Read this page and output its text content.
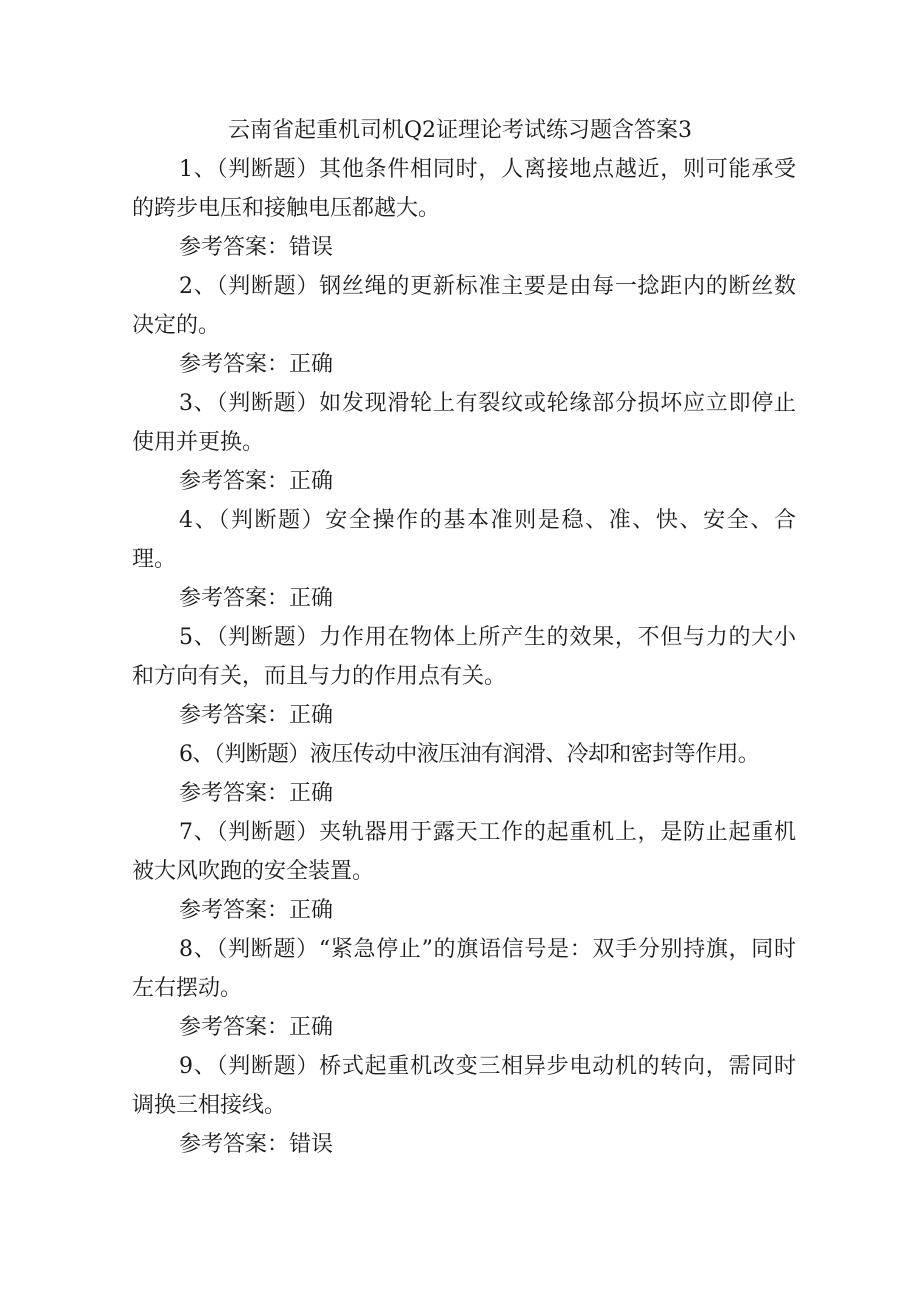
云南省起重机司机Q2证理论考试练习题含答案3

1、（判断题）其他条件相同时，人离接地点越近，则可能承受的跨步电压和接触电压都越大。

参考答案：错误

2、（判断题）钢丝绳的更新标准主要是由每一捻距内的断丝数决定的。

参考答案：正确

3、（判断题）如发现滑轮上有裂纹或轮缘部分损坏应立即停止使用并更换。

参考答案：正确

4、（判断题）安全操作的基本准则是稳、准、快、安全、合理。

参考答案：正确

5、（判断题）力作用在物体上所产生的效果，不但与力的大小和方向有关，而且与力的作用点有关。

参考答案：正确

6、（判断题）液压传动中液压油有润滑、冷却和密封等作用。

参考答案：正确

7、（判断题）夹轨器用于露天工作的起重机上，是防止起重机被大风吹跑的安全装置。

参考答案：正确

8、（判断题）“紧急停止”的旗语信号是：双手分别持旗，同时左右摆动。

参考答案：正确

9、（判断题）桥式起重机改变三相异步电动机的转向，需同时调换三相接线。

参考答案：错误
